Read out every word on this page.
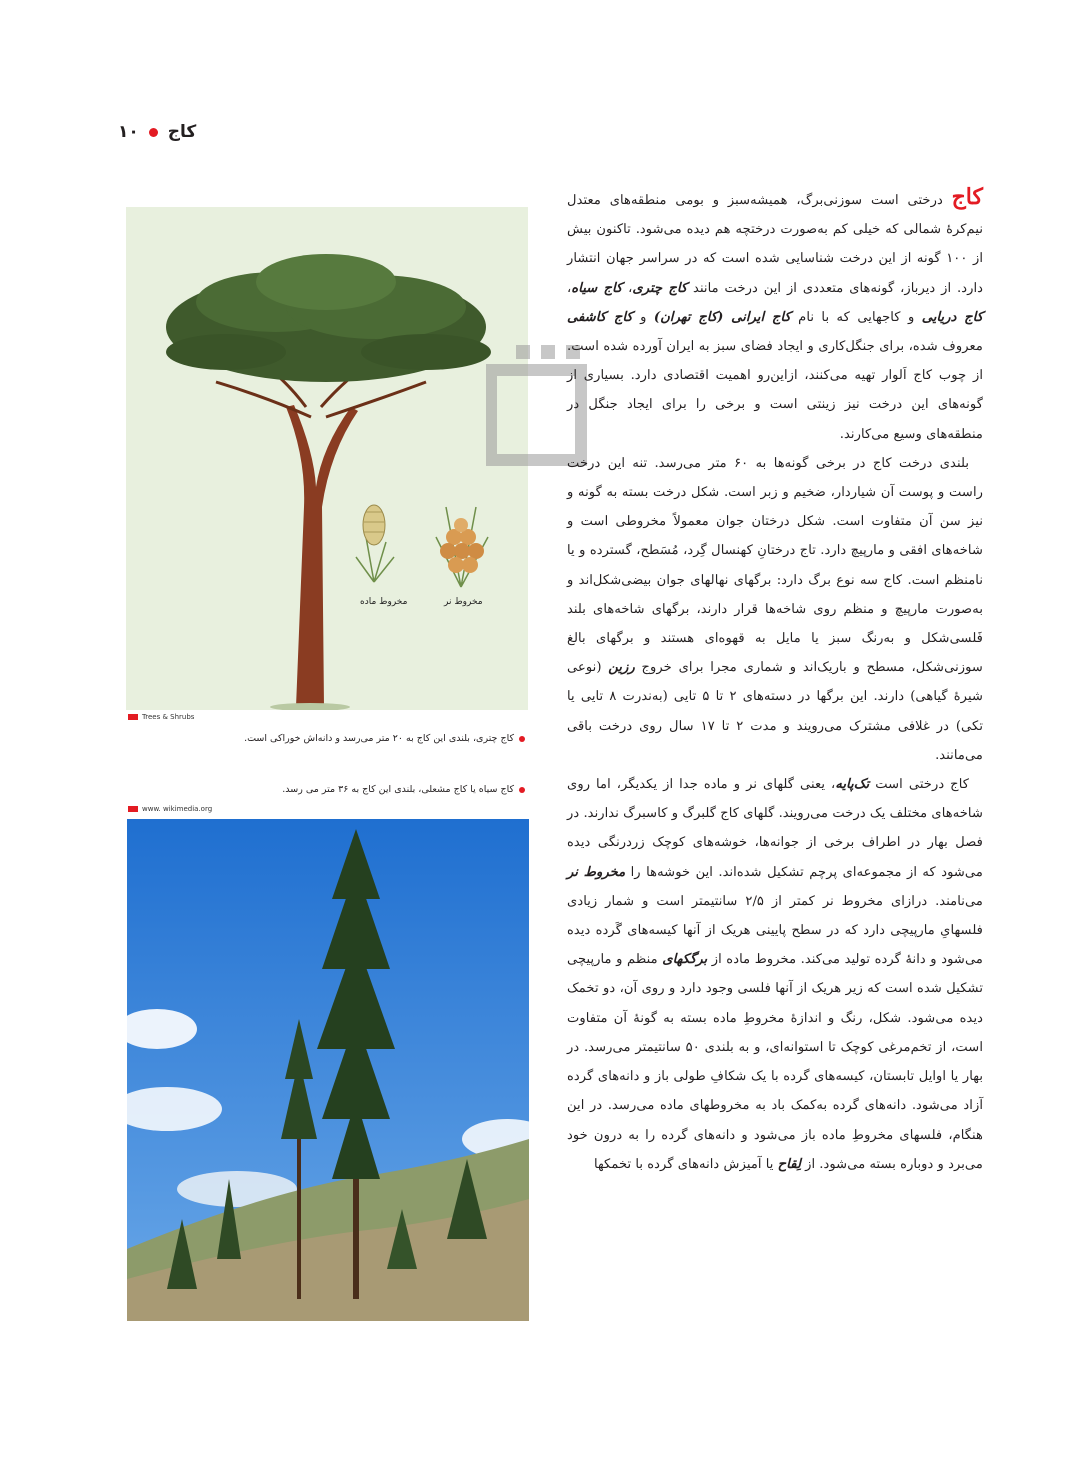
کاج
۱۰
مخروط نر
مخروط ماده
Trees & Shrubs
کاج چتری، بلندی این کاج به ۲۰ متر می‌رسد و دانه‌اش خوراکی است.
کاج سیاه یا کاج مشعلی، بلندی این کاج به ۳۶ متر می رسد.
www. wikimedia.org

کاج درختی است سوزنی‌برگ، همیشه‌سبز و بومی منطقه‌های معتدل نیم‌کرهٔ شمالی که خیلی کم به‌صورت درختچه هم دیده می‌شود. تاکنون بیش از ۱۰۰ گونه از این درخت شناسایی شده است که در سراسر جهان انتشار دارد. از دیرباز، گونه‌های متعددی از این درخت مانند کاج چتری، کاج سیاه، کاج دریایی و کاجهایی که با نام کاج ایرانی (کاج تهران) و کاج کاشفی معروف شده، برای جنگل‌کاری و ایجاد فضای سبز به ایران آورده شده است. از چوب کاج اَلوار تهیه می‌کنند، ازاین‌رو اهمیت اقتصادی دارد. بسیاری از گونه‌های این درخت نیز زینتی است و برخی را برای ایجاد جنگل در منطقه‌های وسیع می‌کارند.

بلندی درخت کاج در برخی گونه‌ها به ۶۰ متر می‌رسد. تنه این درخت راست و پوست آن شیاردار، ضخیم و زبر است. شکل درخت بسته به گونه و نیز سن آن متفاوت است. شکل درختان جوان معمولاً مخروطی است و شاخه‌های افقی و مارپیچ دارد. تاج درختانِ کهنسال گِرد، مُسَطح، گسترده و یا نامنظم است. کاج سه نوع برگ دارد: برگهای نهالهای جوان بیضی‌شکل‌اند و به‌صورت مارپیچ و منظم روی شاخه‌ها قرار دارند، برگهای شاخه‌های بلند فَلسی‌شکل و به‌رنگ سبز یا مایل به قهوه‌ای هستند و برگهای بالغ سوزنی‌شکل، مسطح و باریک‌اند و شماری مجرا برای خروج رزین (نوعی شیرهٔ گیاهی) دارند. این برگها در دسته‌های ۲ تا ۵ تایی (به‌ندرت ۸ تایی یا تکی) در غلافی مشترک می‌رویند و مدت ۲ تا ۱۷ سال روی درخت باقی می‌مانند.

کاج درختی است تک‌پایه، یعنی گلهای نر و ماده جدا از یکدیگر، اما روی شاخه‌های مختلف یک درخت می‌رویند. گلهای کاج گلبرگ و کاسبرگ ندارند. در فصل بهار در اطراف برخی از جوانه‌ها، خوشه‌های کوچک زردرنگی دیده می‌شود که از مجموعه‌ای پرچم تشکیل شده‌اند. این خوشه‌ها را مخروط نر می‌نامند. درازای مخروط نر کمتر از ۲/۵ سانتیمتر است و شمار زیادی فلسهایِ مارپیچی دارد که در سطح پایینی هریک از آنها کیسه‌های گَرده دیده می‌شود و دانهٔ گرده تولید می‌کند. مخروط ماده از برگکهای منظم و مارپیچی تشکیل شده است که زیر هریک از آنها فلسی وجود دارد و روی آن، دو تخمک دیده می‌شود. شکل، رنگ و اندازهٔ مخروطِ ماده بسته به گونهٔ آن متفاوت است، از تخم‌مرغی کوچک تا استوانه‌ای، و به بلندی ۵۰ سانتیمتر می‌رسد. در بهار یا اوایل تابستان، کیسه‌های گرده با یک شکافِ طولی باز و دانه‌های گرده آزاد می‌شود. دانه‌های گرده به‌کمک باد به مخروطهای ماده می‌رسد. در این هنگام، فلسهای مخروطِ ماده باز می‌شود و دانه‌های گرده را به درون خود می‌برد و دوباره بسته می‌شود. از لِقاح یا آمیزش دانه‌های گرده با تخمکها
